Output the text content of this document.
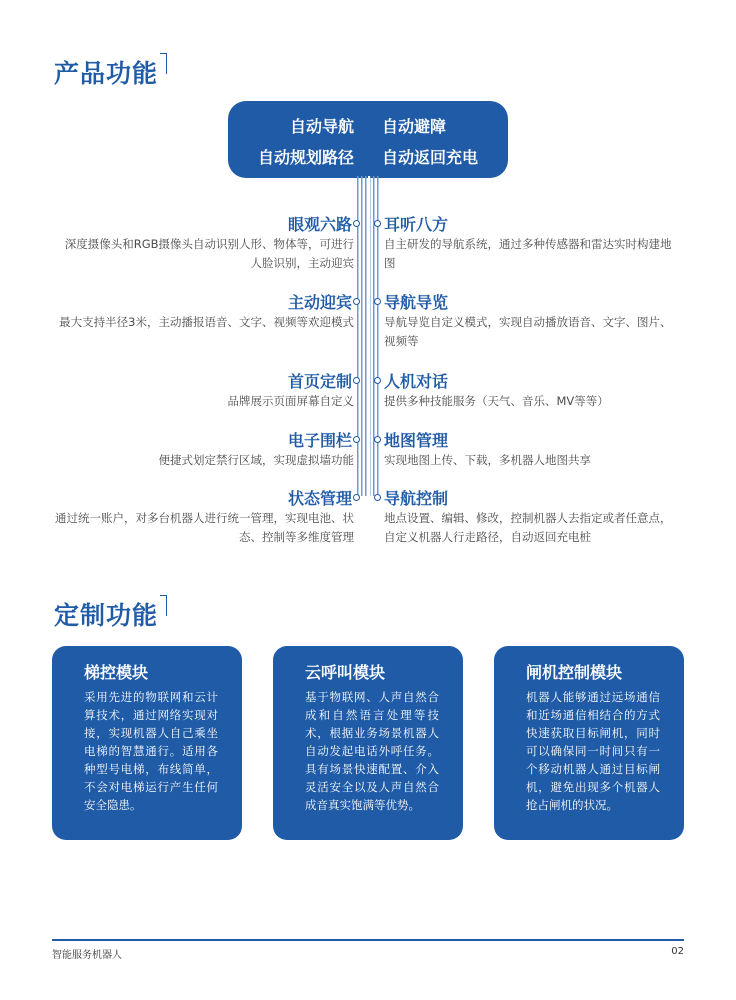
产品功能
自动导航 自动避障
自动规划路径 自动返回充电
眼观六路
深度摄像头和RGB摄像头自动识别人形、物体等，可进行人脸识别，主动迎宾
主动迎宾
最大支持半径3米，主动播报语音、文字、视频等欢迎模式
首页定制
品牌展示页面屏幕自定义
电子围栏
便捷式划定禁行区域，实现虚拟墙功能
状态管理
通过统一账户，对多台机器人进行统一管理，实现电池、状态、控制等多维度管理
耳听八方
自主研发的导航系统，通过多种传感器和雷达实时构建地图
导航导览
导航导览自定义模式，实现自动播放语音、文字、图片、视频等
人机对话
提供多种技能服务（天气、音乐、MV等等）
地图管理
实现地图上传、下载，多机器人地图共享
导航控制
地点设置、编辑、修改，控制机器人去指定或者任意点，自定义机器人行走路径，自动返回充电桩
定制功能
梯控模块
采用先进的物联网和云计算技术，通过网络实现对接，实现机器人自己乘坐电梯的智慧通行。适用各种型号电梯，布线简单，不会对电梯运行产生任何安全隐患。
云呼叫模块
基于物联网、人声自然合成和自然语言处理等技术，根据业务场景机器人自动发起电话外呼任务。具有场景快速配置、介入灵活安全以及人声自然合成音真实饱满等优势。
闸机控制模块
机器人能够通过远场通信和近场通信相结合的方式快速获取目标闸机，同时可以确保同一时间只有一个移动机器人通过目标闸机，避免出现多个机器人抢占闸机的状况。
智能服务机器人	02
